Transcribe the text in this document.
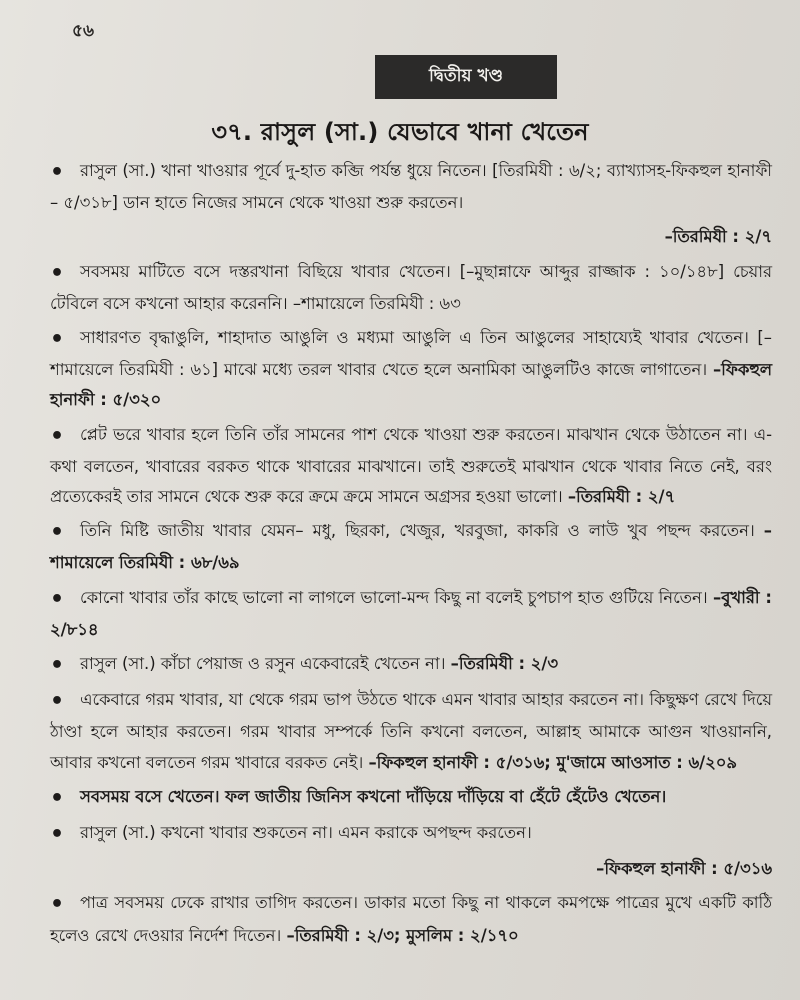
৫৬
দ্বিতীয় খণ্ড
৩৭. রাসুল (সা.) যেভাবে খানা খেতেন

• রাসুল (সা.) খানা খাওয়ার পূর্বে দু-হাত কব্জি পর্যন্ত ধুয়ে নিতেন। [তিরমিযী : ৬/২; ব্যাখ্যাসহ-ফিকহুল হানাফী – ৫/৩১৮] ডান হাতে নিজের সামনে থেকে খাওয়া শুরু করতেন।

–তিরমিযী : ২/৭

• সবসময় মাটিতে বসে দস্তরখানা বিছিয়ে খাবার খেতেন। [–মুছান্নাফে আব্দুর রাজ্জাক : ১০/১৪৮] চেয়ার টেবিলে বসে কখনো আহার করেননি। –শামায়েলে তিরমিযী : ৬৩

• সাধারণত বৃদ্ধাঙুলি, শাহাদাত আঙুলি ও মধ্যমা আঙুলি এ তিন আঙুলের সাহায্যেই খাবার খেতেন। [–শামায়েলে তিরমিযী : ৬১] মাঝে মধ্যে তরল খাবার খেতে হলে অনামিকা আঙুলটিও কাজে লাগাতেন। –ফিকহুল হানাফী : ৫/৩২০

• প্লেট ভরে খাবার হলে তিনি তাঁর সামনের পাশ থেকে খাওয়া শুরু করতেন। মাঝখান থেকে উঠাতেন না। এ-কথা বলতেন, খাবারের বরকত থাকে খাবারের মাঝখানে। তাই শুরুতেই মাঝখান থেকে খাবার নিতে নেই, বরং প্রত্যেকেরই তার সামনে থেকে শুরু করে ক্রমে ক্রমে সামনে অগ্রসর হওয়া ভালো। –তিরমিযী : ২/৭

• তিনি মিষ্টি জাতীয় খাবার যেমন– মধু, ছিরকা, খেজুর, খরবুজা, কাকরি ও লাউ খুব পছন্দ করতেন। –শামায়েলে তিরমিযী : ৬৮/৬৯

• কোনো খাবার তাঁর কাছে ভালো না লাগলে ভালো-মন্দ কিছু না বলেই চুপচাপ হাত গুটিয়ে নিতেন। –বুখারী : ২/৮১৪

• রাসুল (সা.) কাঁচা পেয়াজ ও রসুন একেবারেই খেতেন না। –তিরমিযী : ২/৩

• একেবারে গরম খাবার, যা থেকে গরম ভাপ উঠতে থাকে এমন খাবার আহার করতেন না। কিছুক্ষণ রেখে দিয়ে ঠাণ্ডা হলে আহার করতেন। গরম খাবার সম্পর্কে তিনি কখনো বলতেন, আল্লাহ আমাকে আগুন খাওয়াননি, আবার কখনো বলতেন গরম খাবারে বরকত নেই। –ফিকহুল হানাফী : ৫/৩১৬; মু'জামে আওসাত : ৬/২০৯

• সবসময় বসে খেতেন। ফল জাতীয় জিনিস কখনো দাঁড়িয়ে দাঁড়িয়ে বা হেঁটে হেঁটেও খেতেন।

• রাসুল (সা.) কখনো খাবার শুকতেন না। এমন করাকে অপছন্দ করতেন।

–ফিকহুল হানাফী : ৫/৩১৬

• পাত্র সবসময় ঢেকে রাখার তাগিদ করতেন। ডাকার মতো কিছু না থাকলে কমপক্ষে পাত্রের মুখে একটি কাঠি হলেও রেখে দেওয়ার নির্দেশ দিতেন। –তিরমিযী : ২/৩; মুসলিম : ২/১৭০
